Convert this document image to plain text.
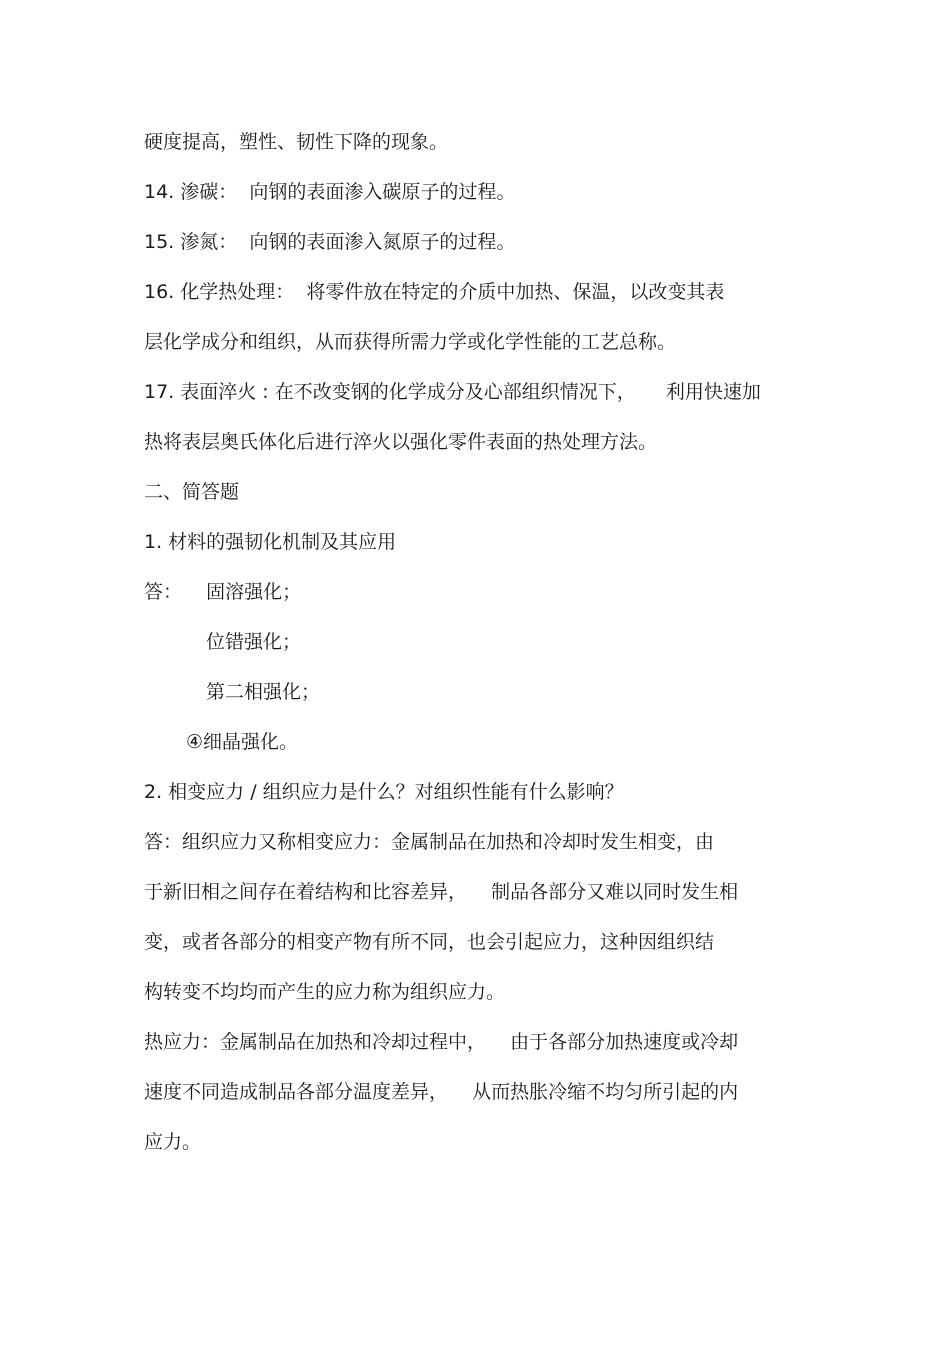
硬度提高，塑性、韧性下降的现象。
14. 渗碳：  向钢的表面渗入碳原子的过程。
15. 渗氮：  向钢的表面渗入氮原子的过程。
16. 化学热处理：  将零件放在特定的介质中加热、保温，以改变其表
层化学成分和组织，从而获得所需力学或化学性能的工艺总称。
17. 表面淬火 : 在不改变钢的化学成分及心部组织情况下，     利用快速加
热将表层奥氏体化后进行淬火以强化零件表面的热处理方法。
二、简答题
1. 材料的强韧化机制及其应用
答：    固溶强化；
位错强化；
第二相强化；
④细晶强化。
2. 相变应力 / 组织应力是什么？对组织性能有什么影响？
答：组织应力又称相变应力：金属制品在加热和冷却时发生相变，由
于新旧相之间存在着结构和比容差异，    制品各部分又难以同时发生相
变，或者各部分的相变产物有所不同，也会引起应力，这种因组织结
构转变不均均而产生的应力称为组织应力。
热应力：金属制品在加热和冷却过程中，    由于各部分加热速度或冷却
速度不同造成制品各部分温度差异，    从而热胀冷缩不均匀所引起的内
应力。
